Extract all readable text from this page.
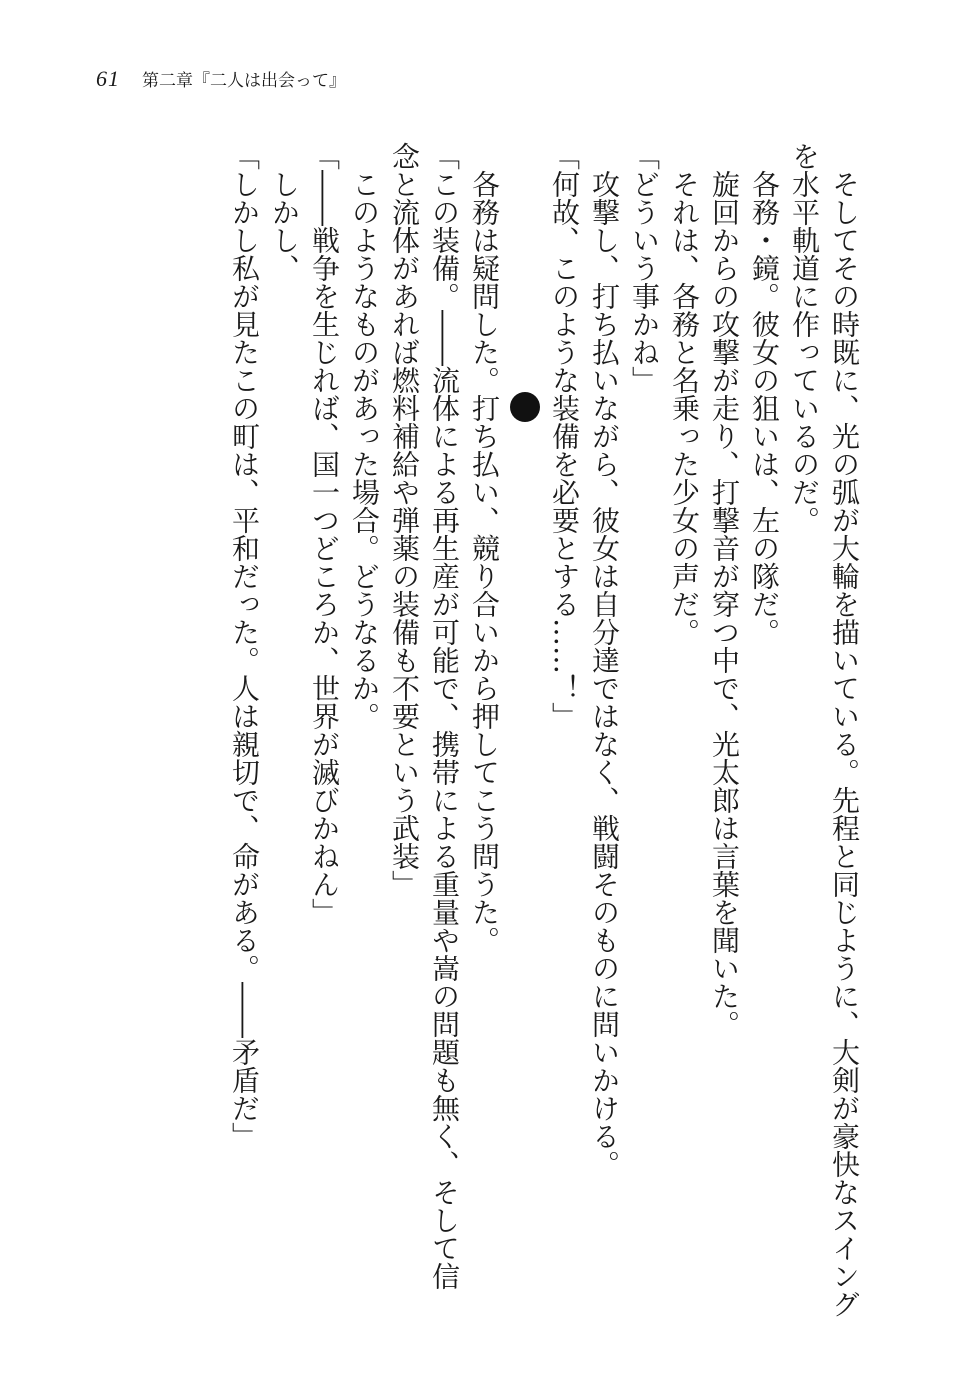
61 第二章『二人は出会って』
そしてその時既に、光の弧が大輪を描いている。先程と同じように、大剣が豪快なスイング
を水平軌道に作っているのだ。
各務・鏡。彼女の狙いは、左の隊だ。
旋回からの攻撃が走り、打撃音が穿つ中で、光太郎は言葉を聞いた。
それは、各務と名乗った少女の声だ。
「どういう事かね」
攻撃し、打ち払いながら、彼女は自分達ではなく、戦闘そのものに問いかける。
「何故、このような装備を必要とする……！」
各務は疑問した。打ち払い、競り合いから押してこう問うた。
「この装備。――流体による再生産が可能で、携帯による重量や嵩の問題も無く、そして信
念と流体があれば燃料補給や弾薬の装備も不要という武装」
このようなものがあった場合。どうなるか。
「――戦争を生じれば、国一つどころか、世界が滅びかねん」
しかし、
「しかし私が見たこの町は、平和だった。人は親切で、命がある。――矛盾だ」
